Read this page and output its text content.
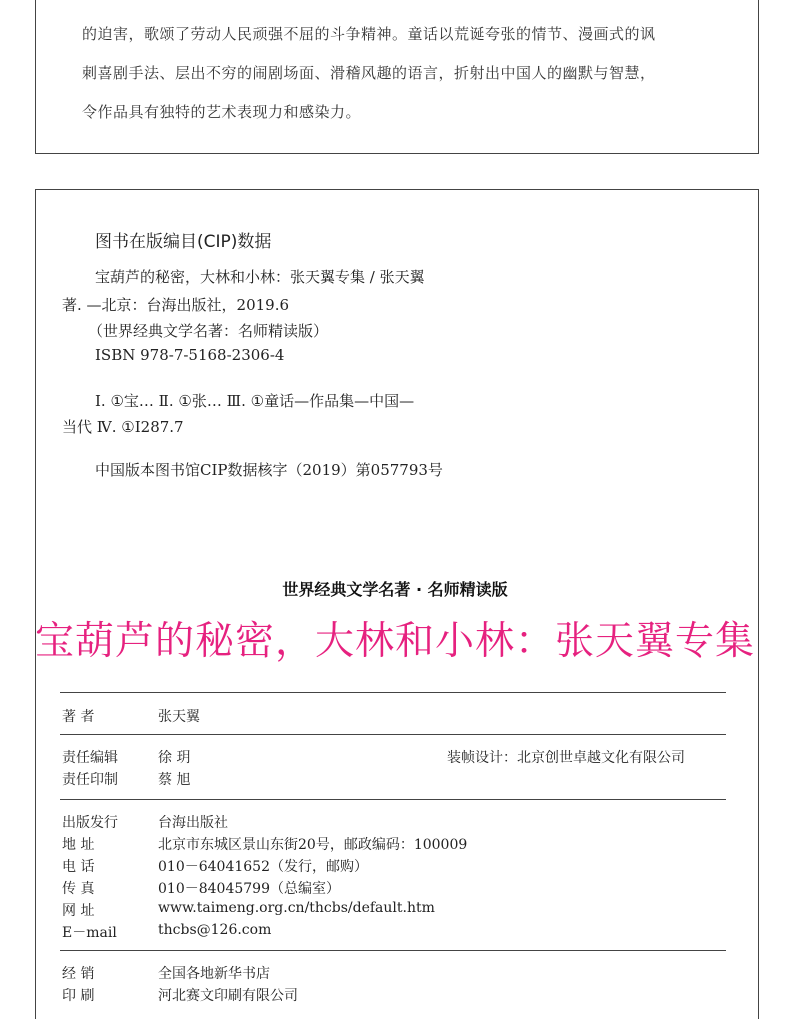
的迫害，歌颂了劳动人民顽强不屈的斗争精神。童话以荒诞夸张的情节、漫画式的讽
刺喜剧手法、层出不穷的闹剧场面、滑稽风趣的语言，折射出中国人的幽默与智慧，
令作品具有独特的艺术表现力和感染力。
图书在版编目(CIP)数据
宝葫芦的秘密，大林和小林：张天翼专集 / 张天翼
著. —北京：台海出版社，2019.6
（世界经典文学名著：名师精读版）
ISBN 978-7-5168-2306-4
Ⅰ. ①宝… Ⅱ. ①张… Ⅲ. ①童话—作品集—中国—
当代 Ⅳ. ①I287.7
中国版本图书馆CIP数据核字（2019）第057793号
世界经典文学名著 · 名师精读版
宝葫芦的秘密，大林和小林：张天翼专集
著 者	张天翼
责任编辑	徐 玥	装帧设计：北京创世卓越文化有限公司
责任印制	蔡 旭
出版发行	台海出版社
地 址	北京市东城区景山东街20号，邮政编码：100009
电 话	010－64041652（发行，邮购）
传 真	010－84045799（总编室）
网 址	www.taimeng.org.cn/thcbs/default.htm
E－mail	thcbs@126.com
经 销	全国各地新华书店
印 刷	河北赛文印刷有限公司
